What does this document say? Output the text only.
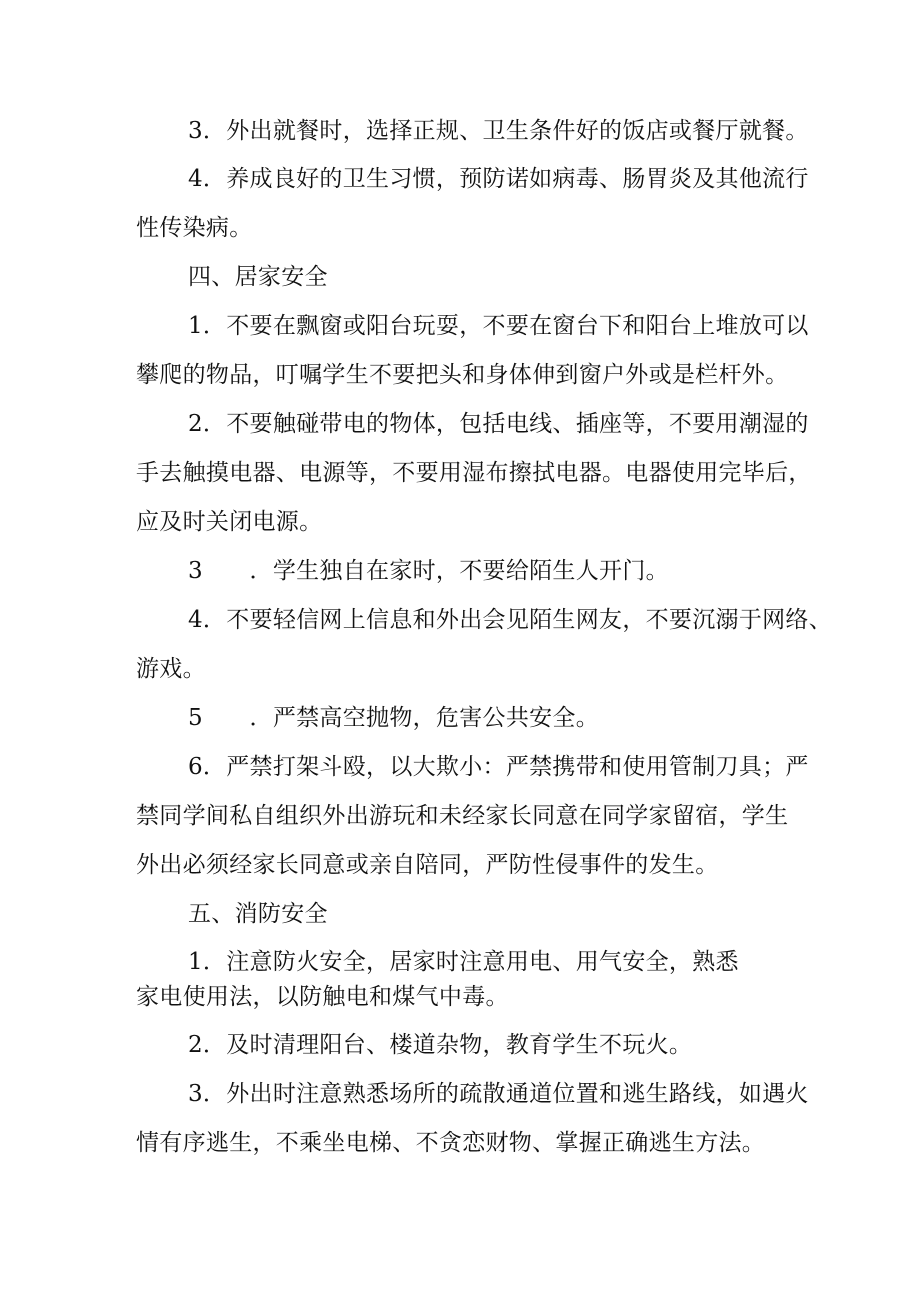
3．外出就餐时，选择正规、卫生条件好的饭店或餐厅就餐。
4．养成良好的卫生习惯，预防诺如病毒、肠胃炎及其他流行
性传染病。
四、居家安全
1．不要在飘窗或阳台玩耍，不要在窗台下和阳台上堆放可以
攀爬的物品，叮嘱学生不要把头和身体伸到窗户外或是栏杆外。
2．不要触碰带电的物体，包括电线、插座等，不要用潮湿的
手去触摸电器、电源等，不要用湿布擦拭电器。电器使用完毕后，
应及时关闭电源。
3　　．学生独自在家时，不要给陌生人开门。
4．不要轻信网上信息和外出会见陌生网友，不要沉溺于网络、
游戏。
5　　．严禁高空抛物，危害公共安全。
6．严禁打架斗殴，以大欺小：严禁携带和使用管制刀具；严
禁同学间私自组织外出游玩和未经家长同意在同学家留宿，学生
外出必须经家长同意或亲自陪同，严防性侵事件的发生。
五、消防安全
1．注意防火安全，居家时注意用电、用气安全，熟悉
家电使用法，以防触电和煤气中毒。
2．及时清理阳台、楼道杂物，教育学生不玩火。
3．外出时注意熟悉场所的疏散通道位置和逃生路线，如遇火
情有序逃生，不乘坐电梯、不贪恋财物、掌握正确逃生方法。
